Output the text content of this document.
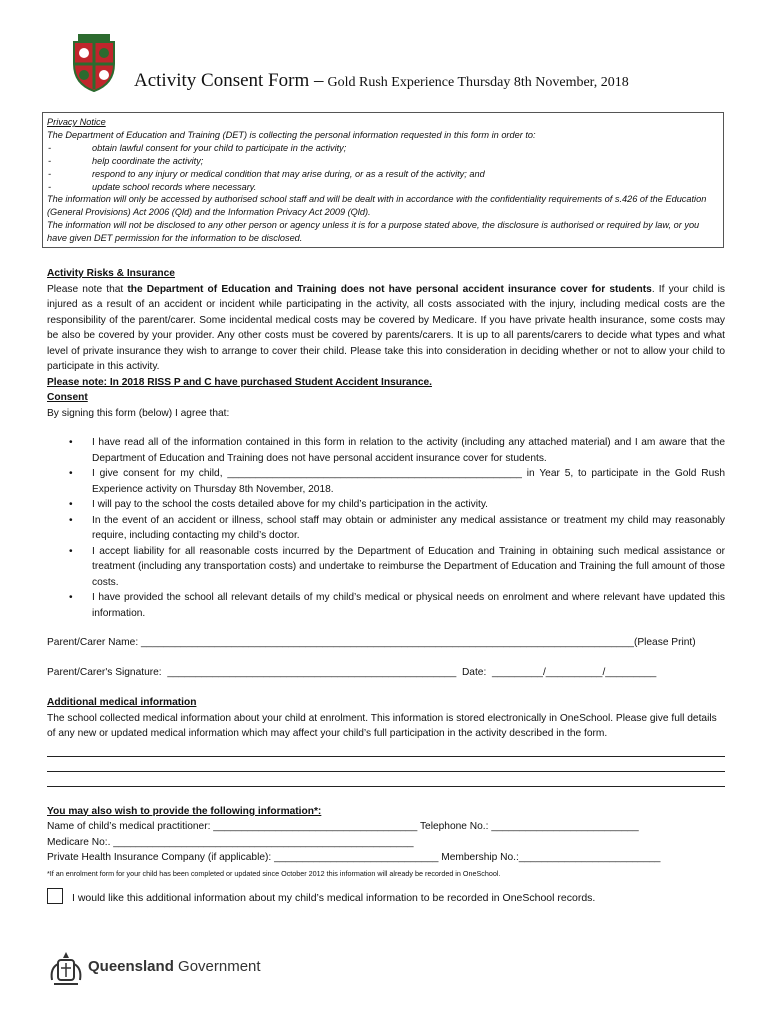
Activity Consent Form – Gold Rush Experience Thursday 8th November, 2018
Privacy Notice
The Department of Education and Training (DET) is collecting the personal information requested in this form in order to:
-	obtain lawful consent for your child to participate in the activity;
-	help coordinate the activity;
-	respond to any injury or medical condition that may arise during, or as a result of the activity; and
-	update school records where necessary.
The information will only be accessed by authorised school staff and will be dealt with in accordance with the confidentiality requirements of s.426 of the Education (General Provisions) Act 2006 (Qld) and the Information Privacy Act 2009 (Qld).
The information will not be disclosed to any other person or agency unless it is for a purpose stated above, the disclosure is authorised or required by law, or you have given DET permission for the information to be disclosed.
Activity Risks & Insurance
Please note that the Department of Education and Training does not have personal accident insurance cover for students. If your child is injured as a result of an accident or incident while participating in the activity, all costs associated with the injury, including medical costs are the responsibility of the parent/carer. Some incidental medical costs may be covered by Medicare. If you have private health insurance, some costs may be also be covered by your provider. Any other costs must be covered by parents/carers. It is up to all parents/carers to decide what types and what level of private insurance they wish to arrange to cover their child. Please take this into consideration in deciding whether or not to allow your child to participate in this activity.
Please note: In 2018 RISS P and C have purchased Student Accident Insurance.
Consent
By signing this form (below) I agree that:
•	I have read all of the information contained in this form in relation to the activity (including any attached material) and I am aware that the Department of Education and Training does not have personal accident insurance cover for students.
•	I give consent for my child, ____________________________________________________ in Year 5, to participate in the Gold Rush Experience activity on Thursday 8th November, 2018.
•	I will pay to the school the costs detailed above for my child’s participation in the activity.
•	In the event of an accident or illness, school staff may obtain or administer any medical assistance or treatment my child may reasonably require, including contacting my child’s doctor.
•	I accept liability for all reasonable costs incurred by the Department of Education and Training in obtaining such medical assistance or treatment (including any transportation costs) and undertake to reimburse the Department of Education and Training the full amount of those costs.
•	I have provided the school all relevant details of my child’s medical or physical needs on enrolment and where relevant have updated this information.
Parent/Carer Name: _______________________________________________________________________________________(Please Print)
Parent/Carer's Signature: ___________________________________________________ Date: _________/__________/_________
Additional medical information
The school collected medical information about your child at enrolment. This information is stored electronically in OneSchool. Please give full details of any new or updated medical information which may affect your child’s full participation in the activity described in the form.
You may also wish to provide the following information*:
Name of child’s medical practitioner: ____________________________________ Telephone No.: __________________________
Medicare No:. _____________________________________________________
Private Health Insurance Company (if applicable): _____________________________ Membership No.:_________________________
*If an enrolment form for your child has been completed or updated since October 2012 this information will already be recorded in OneSchool.
I would like this additional information about my child’s medical information to be recorded in OneSchool records.
Queensland Government
